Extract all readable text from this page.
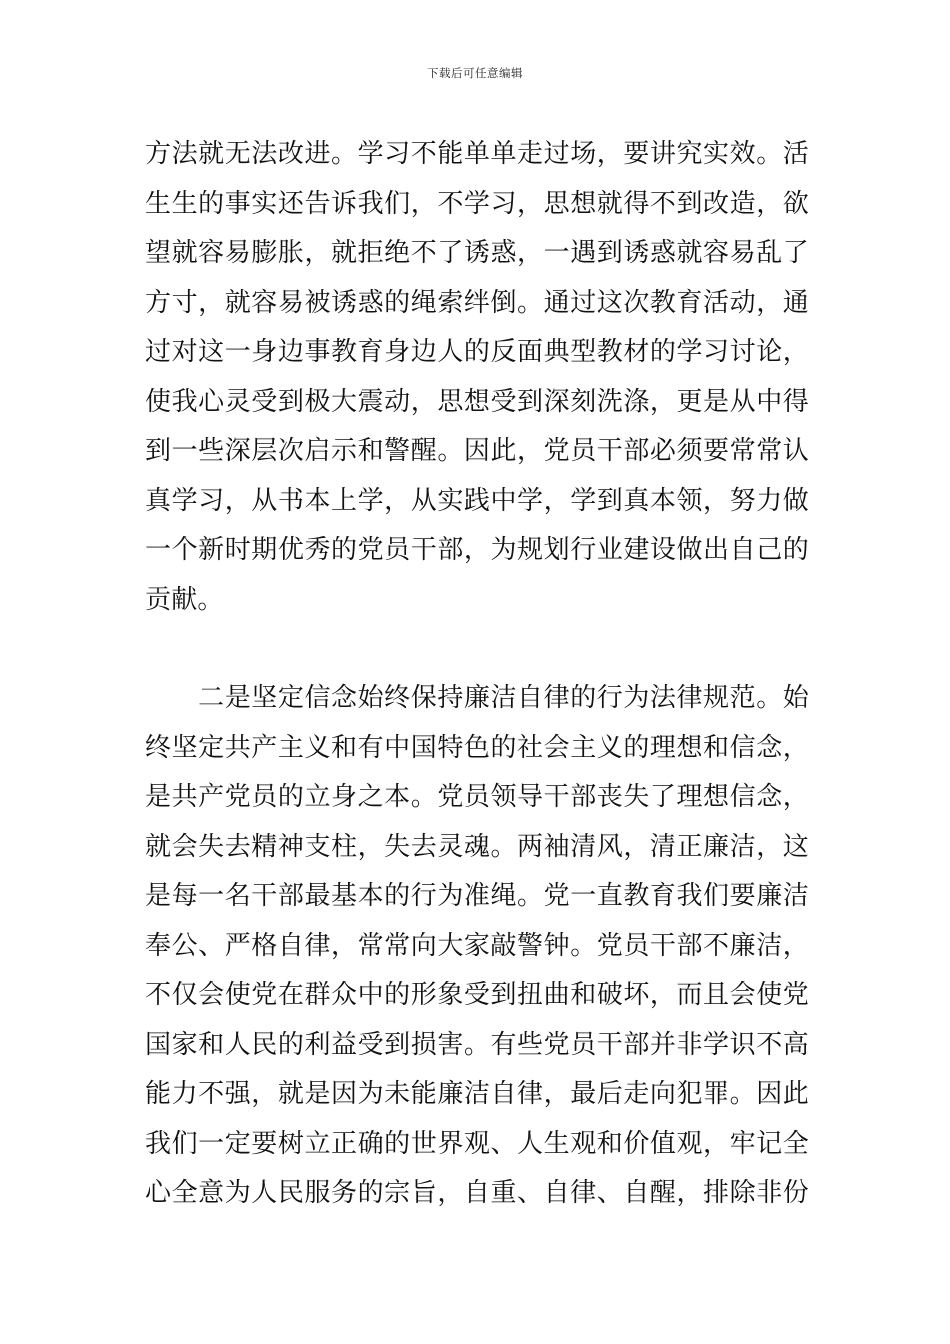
下载后可任意编辑
方法就无法改进。学习不能单单走过场，要讲究实效。活
生生的事实还告诉我们，不学习，思想就得不到改造，欲
望就容易膨胀，就拒绝不了诱惑，一遇到诱惑就容易乱了
方寸，就容易被诱惑的绳索绊倒。通过这次教育活动，通
过对这一身边事教育身边人的反面典型教材的学习讨论，
使我心灵受到极大震动，思想受到深刻洗涤，更是从中得
到一些深层次启示和警醒。因此，党员干部必须要常常认
真学习，从书本上学，从实践中学，学到真本领，努力做
一个新时期优秀的党员干部，为规划行业建设做出自己的
贡献。
　　二是坚定信念始终保持廉洁自律的行为法律规范。始
终坚定共产主义和有中国特色的社会主义的理想和信念，
是共产党员的立身之本。党员领导干部丧失了理想信念，
就会失去精神支柱，失去灵魂。两袖清风，清正廉洁，这
是每一名干部最基本的行为准绳。党一直教育我们要廉洁
奉公、严格自律，常常向大家敲警钟。党员干部不廉洁，
不仅会使党在群众中的形象受到扭曲和破坏，而且会使党
国家和人民的利益受到损害。有些党员干部并非学识不高
能力不强，就是因为未能廉洁自律，最后走向犯罪。因此
我们一定要树立正确的世界观、人生观和价值观，牢记全
心全意为人民服务的宗旨，自重、自律、自醒，排除非份
